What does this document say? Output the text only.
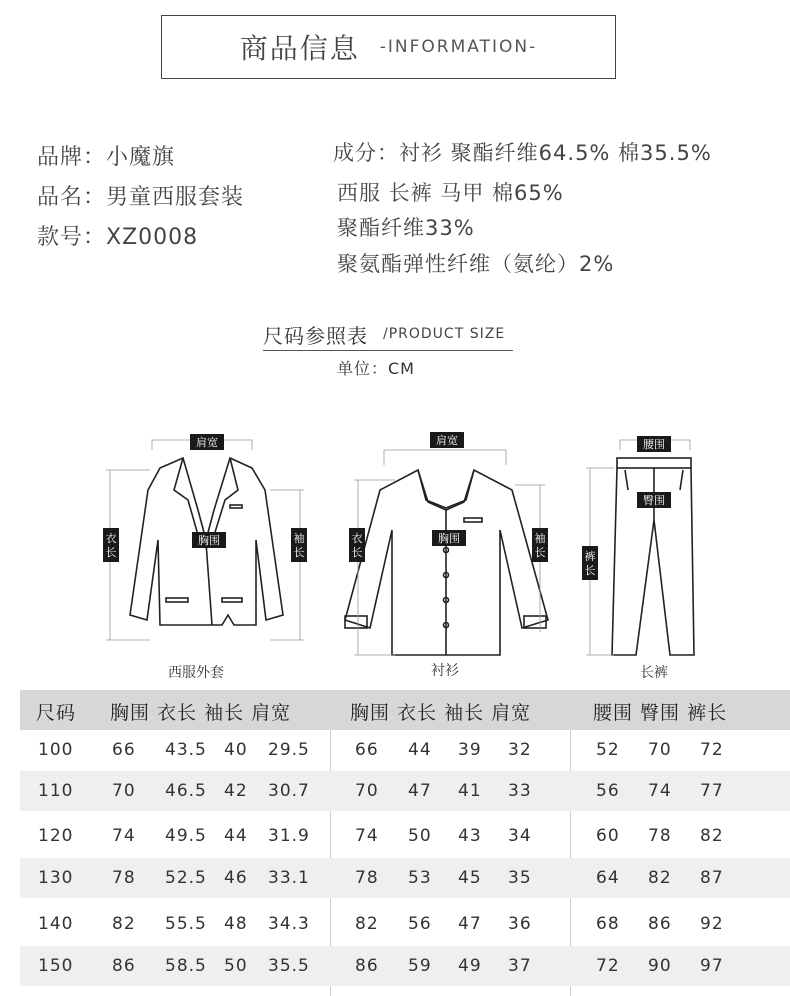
商品信息 -INFORMATION-
品牌：小魔旗
品名：男童西服套装
款号：XZ0008
成分：衬衫 聚酯纤维64.5% 棉35.5%
西服 长裤 马甲 棉65%
聚酯纤维33%
聚氨酯弹性纤维（氨纶）2%
尺码参照表 /PRODUCT SIZE
单位：CM
肩宽
衣
长
胸围	袖
长
肩宽
衣
长
胸围	袖
长
腰围
臀围
裤
长
西服外套	衬衫	长裤
尺码 胸围 衣长 袖长 肩宽	胸围 衣长 袖长 肩宽	腰围 臀围 裤长
100 66 43.5 40 29.5	66 44 39 32	52 70 72
110 70 46.5 42 30.7	70 47 41 33	56 74 77
120 74 49.5 44 31.9	74 50 43 34	60 78 82
130 78 52.5 46 33.1	78 53 45 35	64 82 87
140 82 55.5 48 34.3	82 56 47 36	68 86 92
150 86 58.5 50 35.5	86 59 49 37	72 90 97
